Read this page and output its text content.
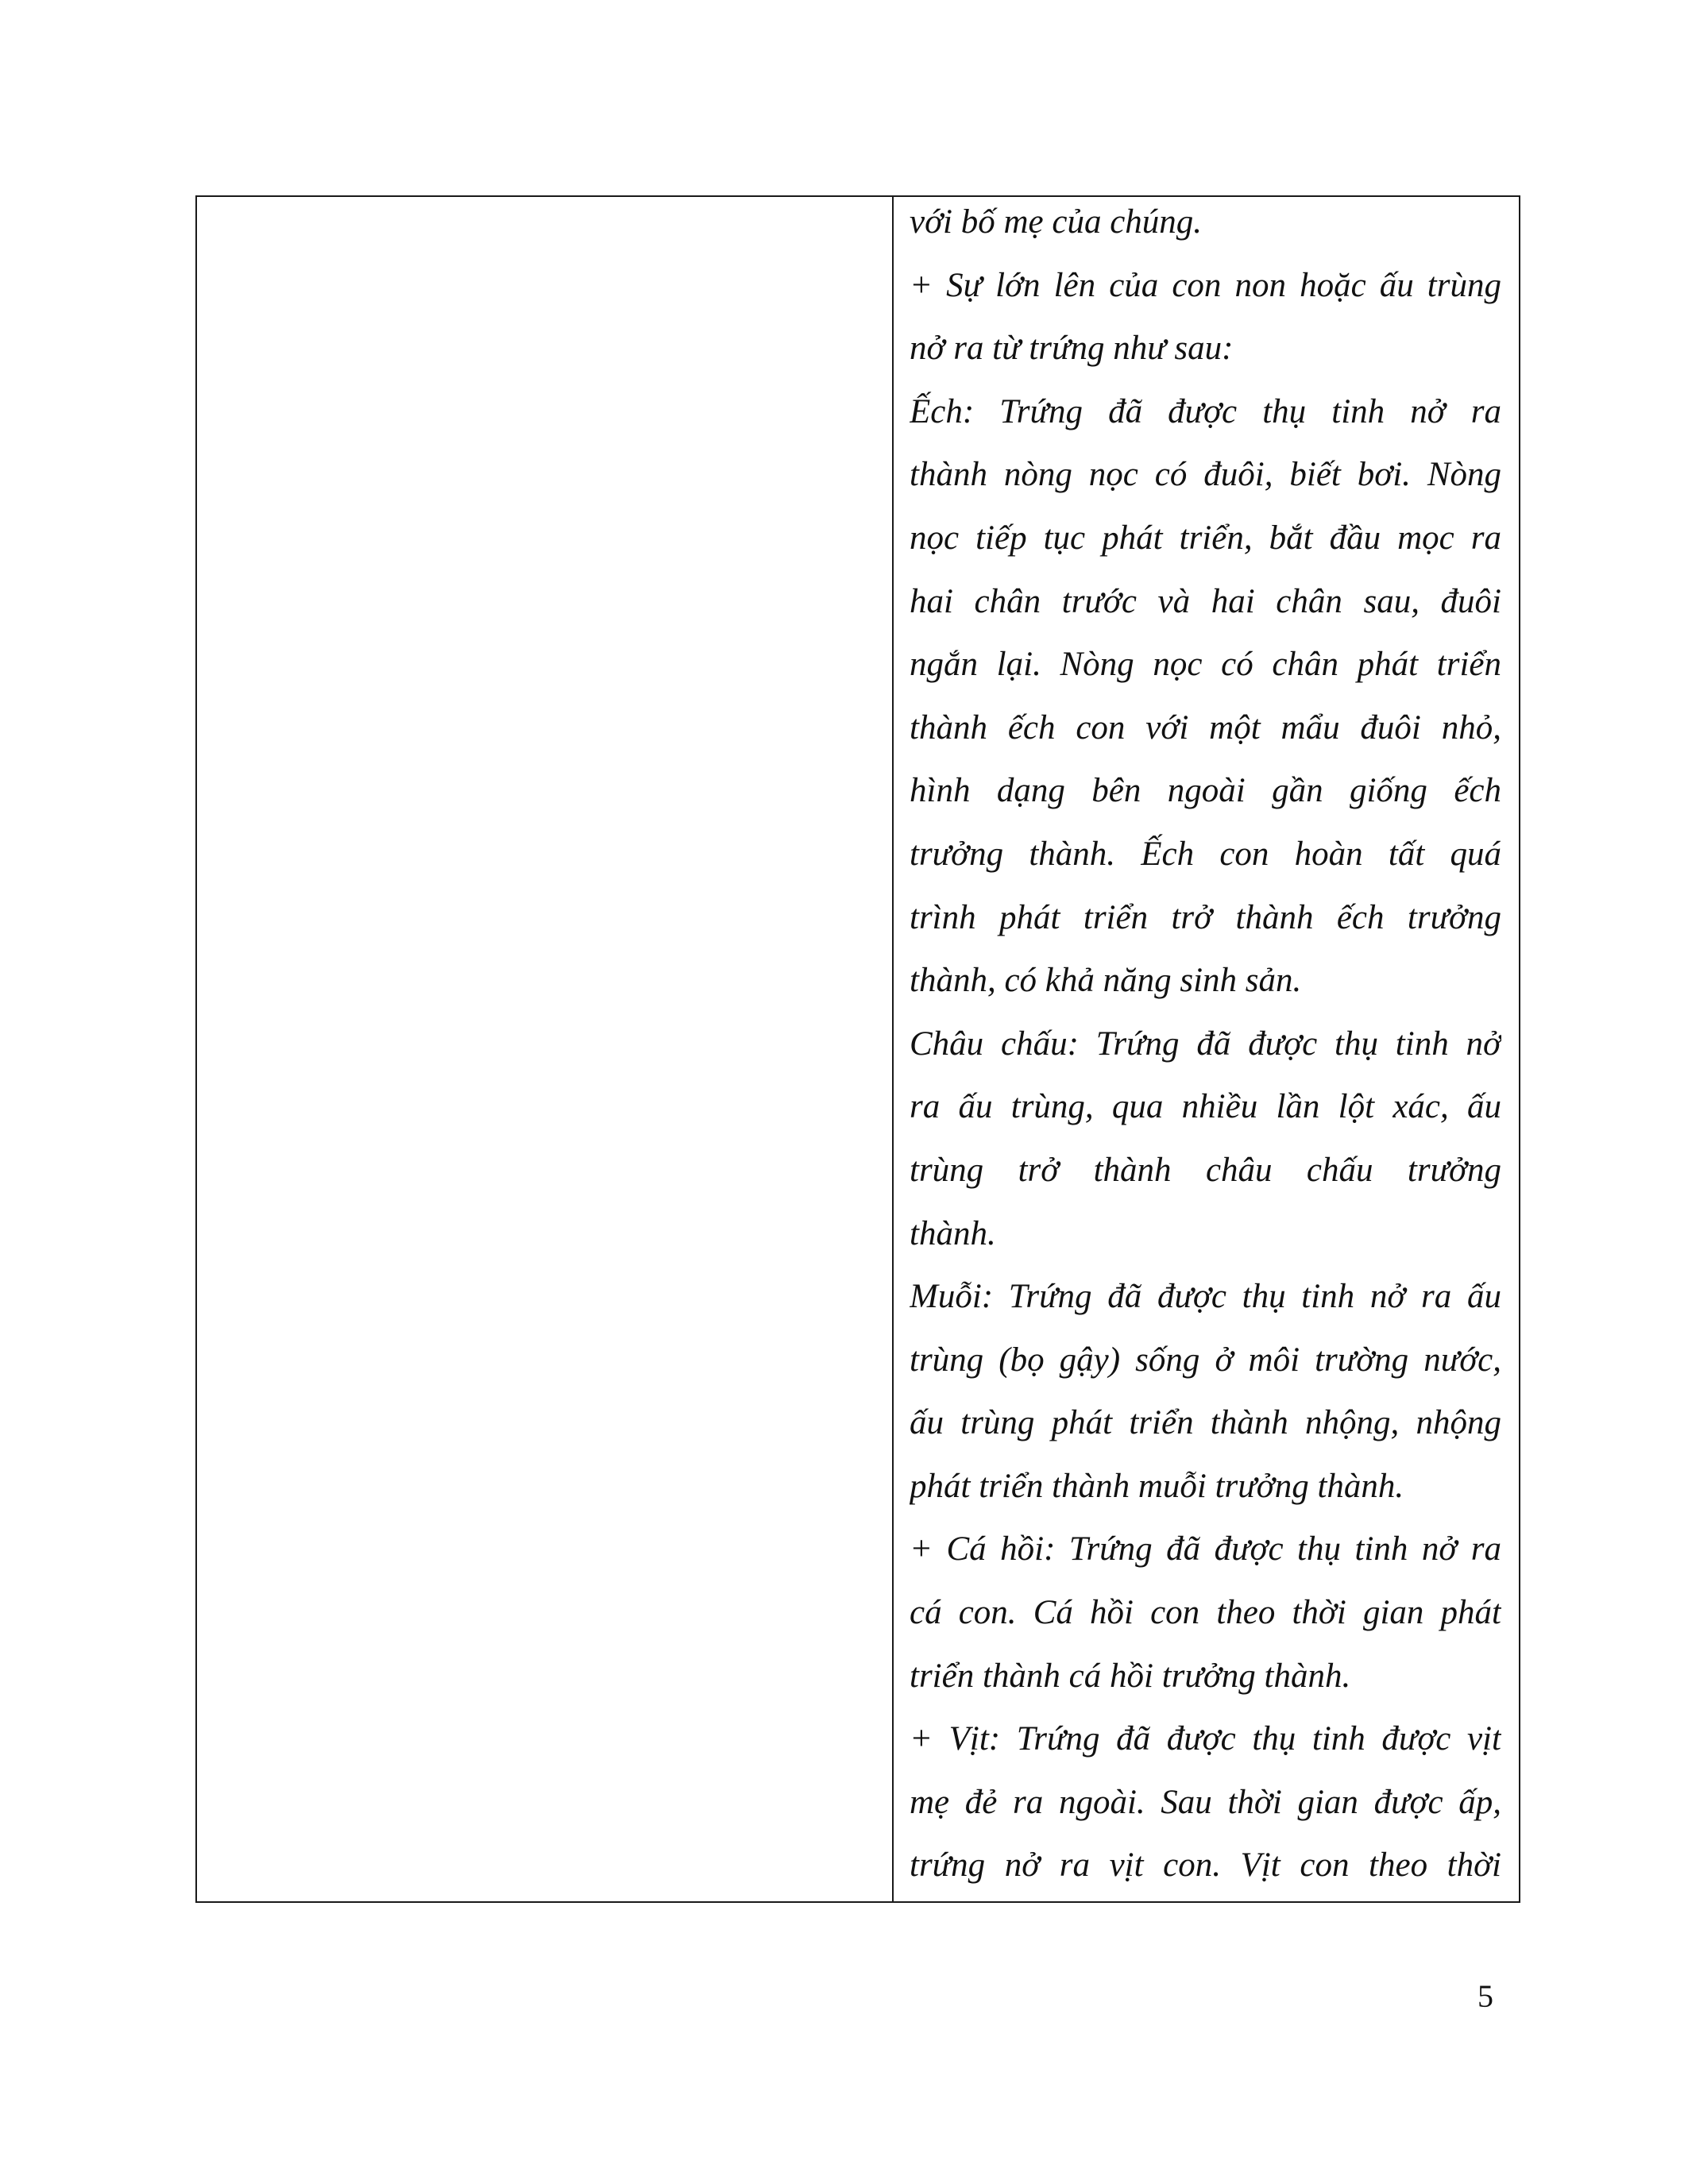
với bố mẹ của chúng.

+ Sự lớn lên của con non hoặc ấu trùng

nở ra từ trứng như sau:

Ếch: Trứng đã được thụ tinh nở ra

thành nòng nọc có đuôi, biết bơi. Nòng

nọc tiếp tục phát triển, bắt đầu mọc ra

hai chân trước và hai chân sau, đuôi

ngắn lại. Nòng nọc có chân phát triển

thành ếch con với một mẩu đuôi nhỏ,

hình dạng bên ngoài gần giống ếch

trưởng thành. Ếch con hoàn tất quá

trình phát triển trở thành ếch trưởng

thành, có khả năng sinh sản.

Châu chấu: Trứng đã được thụ tinh nở

ra ấu trùng, qua nhiều lần lột xác, ấu

trùng trở thành châu chấu trưởng

thành.

Muỗi: Trứng đã được thụ tinh nở ra ấu

trùng (bọ gậy) sống ở môi trường nước,

ấu trùng phát triển thành nhộng, nhộng

phát triển thành muỗi trưởng thành.

+ Cá hồi: Trứng đã được thụ tinh nở ra

cá con. Cá hồi con theo thời gian phát

triển thành cá hồi trưởng thành.

+ Vịt: Trứng đã được thụ tinh được vịt

mẹ đẻ ra ngoài. Sau thời gian được ấp,

trứng nở ra vịt con. Vịt con theo thời

5
